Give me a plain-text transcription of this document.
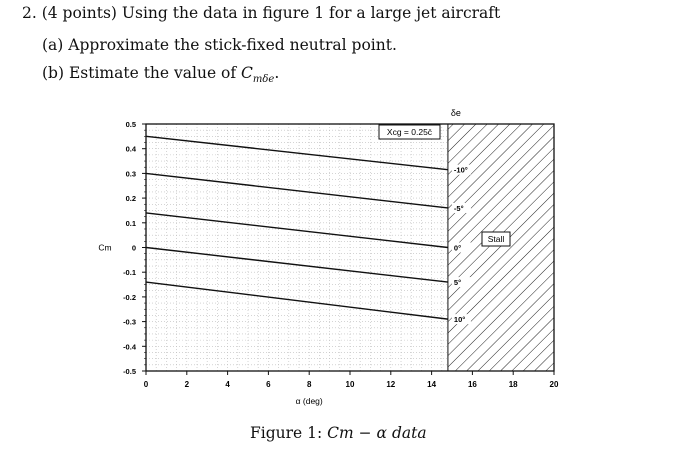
2. (4 points) Using the data in figure 1 for a large jet aircraft
(a) Approximate the stick-fixed neutral point.
(b) Estimate the value of $C_{m\delta e}$.
-10°
-5°
0°
5°
10°
0	2	4	6	8	10	12	14	16	18	20
0.5
0.4
0.3
0.2
0.1
0
-0.1
-0.2
-0.3
-0.4
-0.5
Xcg = 0.25c̄
Stall
δe
Cm
α (deg)
Figure 1: Cm − α data
